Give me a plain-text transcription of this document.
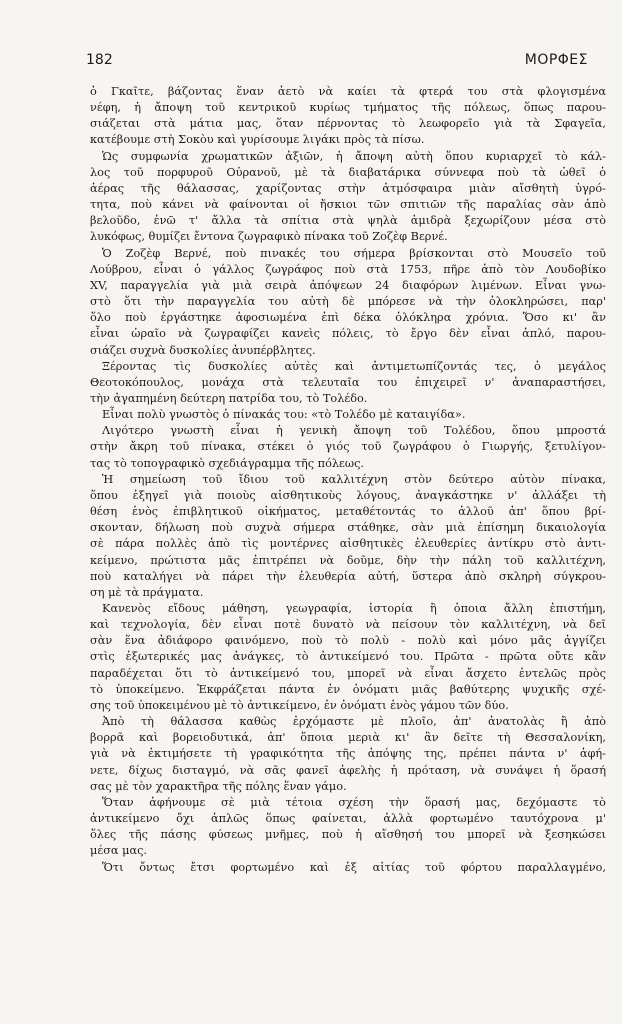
182	ΜΟΡΦΕΣ

ὁ Γκαῖτε, βάζοντας ἕναν ἀετὸ νὰ καίει τὰ φτερά του στὰ φλογισμένα
νέφη, ἡ ἄποψη τοῦ κεντρικοῦ κυρίως τμήματος τῆς πόλεως, ὅπως παρου-
σιάζεται στὰ μάτια μας, ὅταν πέρνοντας τὸ λεωφορεῖο γιὰ τὰ Σφαγεῖα,
κατέβουμε στὴ Σοκὸυ καὶ γυρίσουμε λιγάκι πρὸς τὰ πίσω.

Ὡς συμφωνία χρωματικῶν ἀξιῶν, ἡ ἄποψη αὐτὴ ὅπου κυριαρχεῖ τὸ κάλ-
λος τοῦ πορφυροῦ Οὐρανοῦ, μὲ τὰ διαβατάρικα σύννεφα ποὺ τὰ ὠθεῖ ὁ
ἀέρας τῆς θάλασσας, χαρίζοντας στὴν ἀτμόσφαιρα μιὰν αἴσθητὴ ὑγρό-
τητα, ποὺ κάνει νὰ φαίνονται οἱ ἤσκιοι τῶν σπιτιῶν τῆς παραλίας σὰν ἀπὸ
βελοῦδο, ἐνῶ τ' ἄλλα τὰ σπίτια στὰ ψηλὰ ἀμιδρὰ ξεχωρίζουν μέσα στὸ
λυκόφως, θυμίζει ἔντονα ζωγραφικὸ πίνακα τοῦ Ζοζὲφ Βερνέ.

Ὁ Ζοζὲφ Βερνέ, ποὺ πινακές του σήμερα βρίσκονται στὸ Μουσεῖο τοῦ
Λούβρου, εἶναι ὁ γάλλος ζωγράφος ποὺ στὰ 1753, πῆρε ἀπὸ τὸν Λουδοβίκο
XV, παραγγελία γιὰ μιὰ σειρὰ ἀπόψεων 24 διαφόρων λιμένων. Εἶναι γνω-
στὸ ὅτι τὴν παραγγελία του αὐτὴ δὲ μπόρεσε νὰ τὴν ὁλοκληρώσει, παρ'
ὅλο ποὺ ἐργάστηκε ἀφοσιωμένα ἐπὶ δέκα ὁλόκληρα χρόνια. Ὅσο κι' ἂν
εἶναι ὡραῖο νὰ ζωγραφίζει κανεὶς πόλεις, τὸ ἔργο δὲν εἶναι ἁπλό, παρου-
σιάζει συχνὰ δυσκολίες ἀνυπέρβλητες.

Ξέροντας τὶς δυσκολίες αὐτὲς καὶ ἀντιμετωπίζοντάς τες, ὁ μεγάλος
Θεοτοκόπουλος, μονάχα στὰ τελευταῖα του ἐπιχειρεῖ ν' ἀναπαραστήσει,
τὴν ἀγαπημένη δεύτερη πατρίδα του, τὸ Τολέδο.

Εἶναι πολὺ γνωστὸς ὁ πίνακάς του: «τὸ Τολέδο μὲ καταιγίδα».

Λιγότερο γνωστὴ εἶναι ἡ γενικὴ ἄποψη τοῦ Τολέδου, ὅπου μπροστά
στὴν ἄκρη τοῦ πίνακα, στέκει ὁ γιός τοῦ ζωγράφου ὁ Γιωργής, ξετυλίγον-
τας τὸ τοπογραφικὸ σχεδιάγραμμα τῆς πόλεως.

Ἡ σημείωση τοῦ ἴδιου τοῦ καλλιτέχνη στὸν δεύτερο αὐτὸν πίνακα,
ὅπου ἐξηγεῖ γιὰ ποιοὺς αἰσθητικοὺς λόγους, ἀναγκάστηκε ν' ἀλλάξει τὴ
θέση ἑνὸς ἐπιβλητικοῦ οἰκήματος, μεταθέτοντάς το ἀλλοῦ ἀπ' ὅπου βρί-
σκονταν, δήλωση ποὺ συχνὰ σήμερα στάθηκε, σὰν μιὰ ἐπίσημη δικαιολογία
σὲ πάρα πολλὲς ἀπὸ τὶς μοντέρνες αἰσθητικὲς ἐλευθερίες ἀντίκρυ στὸ ἀντι-
κείμενο, πρώτιστα μᾶς ἐπιτρέπει νὰ δοῦμε, δὴν τὴν πάλη τοῦ καλλιτέχνη,
ποὺ καταλήγει νὰ πάρει τὴν ἐλευθερία αὐτή, ὕστερα ἀπὸ σκληρὴ σύγκρου-
ση μὲ τὰ πράγματα.

Κανενὸς εἴδους μάθηση, γεωγραφία, ἱστορία ἢ ὁποια ἄλλη ἐπιστήμη,
καὶ τεχνολογία, δὲν εἶναι ποτὲ δυνατὸ νὰ πείσουν τὸν καλλιτέχνη, νὰ δεῖ
σὰν ἕνα ἀδιάφορο φαινόμενο, ποὺ τὸ πολὺ - πολὺ καὶ μόνο μᾶς ἀγγίζει
στὶς ἐξωτερικές μας ἀνάγκες, τὸ ἀντικείμενό του. Πρῶτα - πρῶτα οὔτε κἂν
παραδέχεται ὅτι τὸ ἀντικείμενό του, μπορεῖ νὰ εἶναι ἄσχετο ἐντελῶς πρὸς
τὸ ὑποκείμενο. Ἐκφράζεται πάντα ἐν ὀνόματι μιᾶς βαθύτερης ψυχικῆς σχέ-
σης τοῦ ὑποκειμένου μὲ τὸ ἀντικείμενο, ἐν ὀνόματι ἑνὸς γάμου τῶν δύο.

Ἀπὸ τὴ θάλασσα καθὼς ἐρχόμαστε μὲ πλοῖο, ἀπ' ἀνατολὰς ἢ ἀπὸ
βορρᾶ καὶ βορειοδυτικά, ἀπ' ὅποια μεριὰ κι' ἂν δεῖτε τὴ Θεσσαλονίκη,
γιὰ νὰ ἐκτιμήσετε τὴ γραφικότητα τῆς ἀπόψης της, πρέπει πάντα ν' ἀφή-
νετε, δίχως δισταγμό, νὰ σᾶς φανεῖ ἀφελὴς ἡ πρόταση, νὰ συνάψει ἡ ὅρασή
σας μὲ τὸν χαρακτῆρα τῆς πόλης ἕναν γάμο.

Ὅταν ἀφήνουμε σὲ μιὰ τέτοια σχέση τὴν ὅρασή μας, δεχόμαστε τὸ
ἀντικείμενο ὄχι ἁπλῶς ὅπως φαίνεται, ἀλλὰ φορτωμένο ταυτόχρονα μ'
ὅλες τῆς πάσης φύσεως μνῆμες, ποὺ ἡ αἴσθησή του μπορεῖ νὰ ξεσηκώσει
μέσα μας.

Ὅτι ὄντως ἔτσι φορτωμένο καὶ ἐξ αἰτίας τοῦ φόρτου παραλλαγμένο,
